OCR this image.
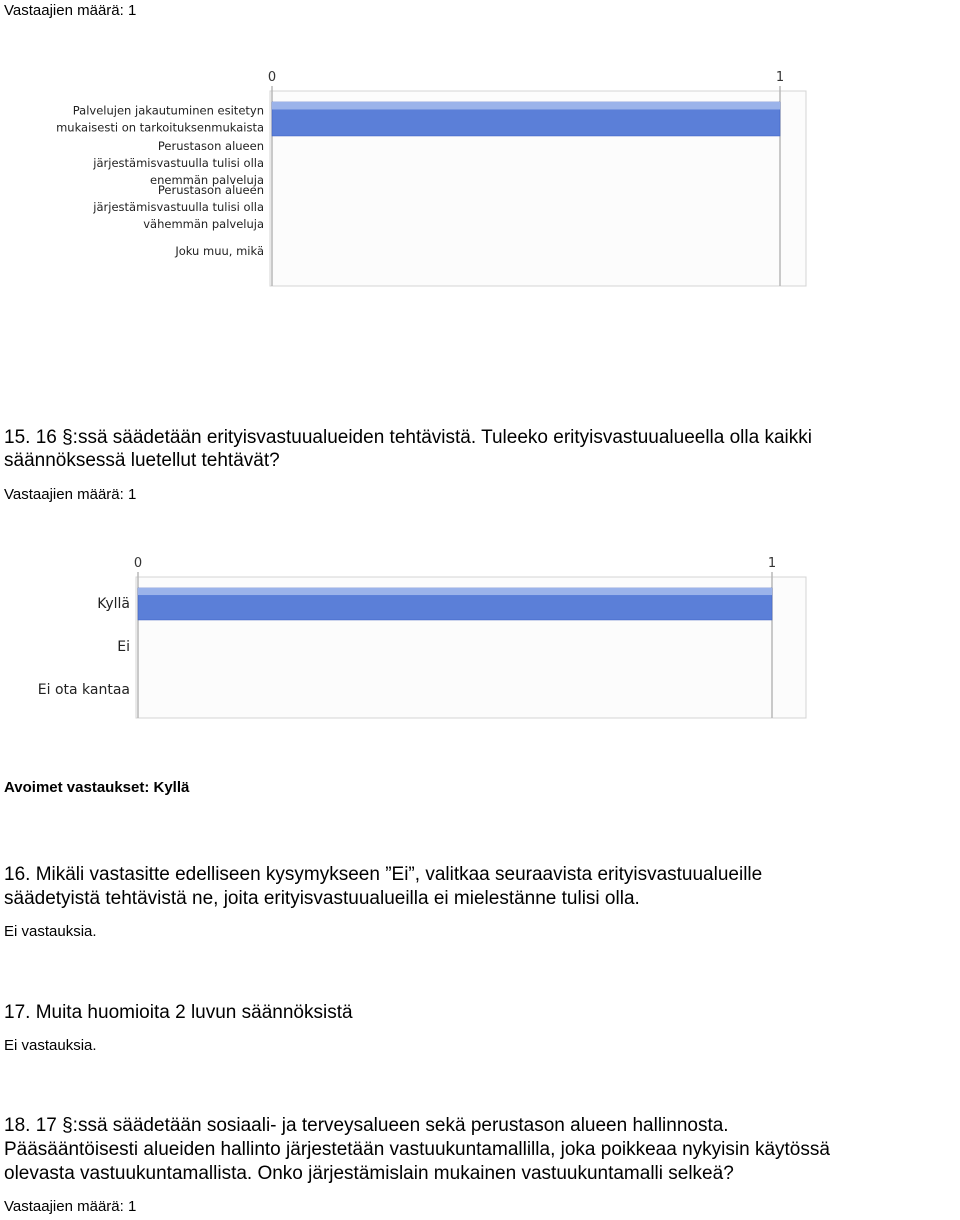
Vastaajien määrä: 1
0	1
Palvelujen jakautuminen esitetyn
mukaisesti on tarkoituksenmukaista
Perustason alueen
järjestämisvastuulla tulisi olla
enemmän palveluja
Perustason alueen
järjestämisvastuulla tulisi olla
vähemmän palveluja
Joku muu, mikä
15. 16 §:ssä säädetään erityisvastuualueiden tehtävistä. Tuleeko erityisvastuualueella olla kaikki
säännöksessä luetellut tehtävät?
Vastaajien määrä: 1
0	1
Kyllä
Ei
Ei ota kantaa
Avoimet vastaukset: Kyllä
16. Mikäli vastasitte edelliseen kysymykseen ”Ei”, valitkaa seuraavista erityisvastuualueille
säädetyistä tehtävistä ne, joita erityisvastuualueilla ei mielestänne tulisi olla.
Ei vastauksia.
17. Muita huomioita 2 luvun säännöksistä
Ei vastauksia.
18. 17 §:ssä säädetään sosiaali- ja terveysalueen sekä perustason alueen hallinnosta.
Pääsääntöisesti alueiden hallinto järjestetään vastuukuntamallilla, joka poikkeaa nykyisin käytössä
olevasta vastuukuntamallista. Onko järjestämislain mukainen vastuukuntamalli selkeä?
Vastaajien määrä: 1
